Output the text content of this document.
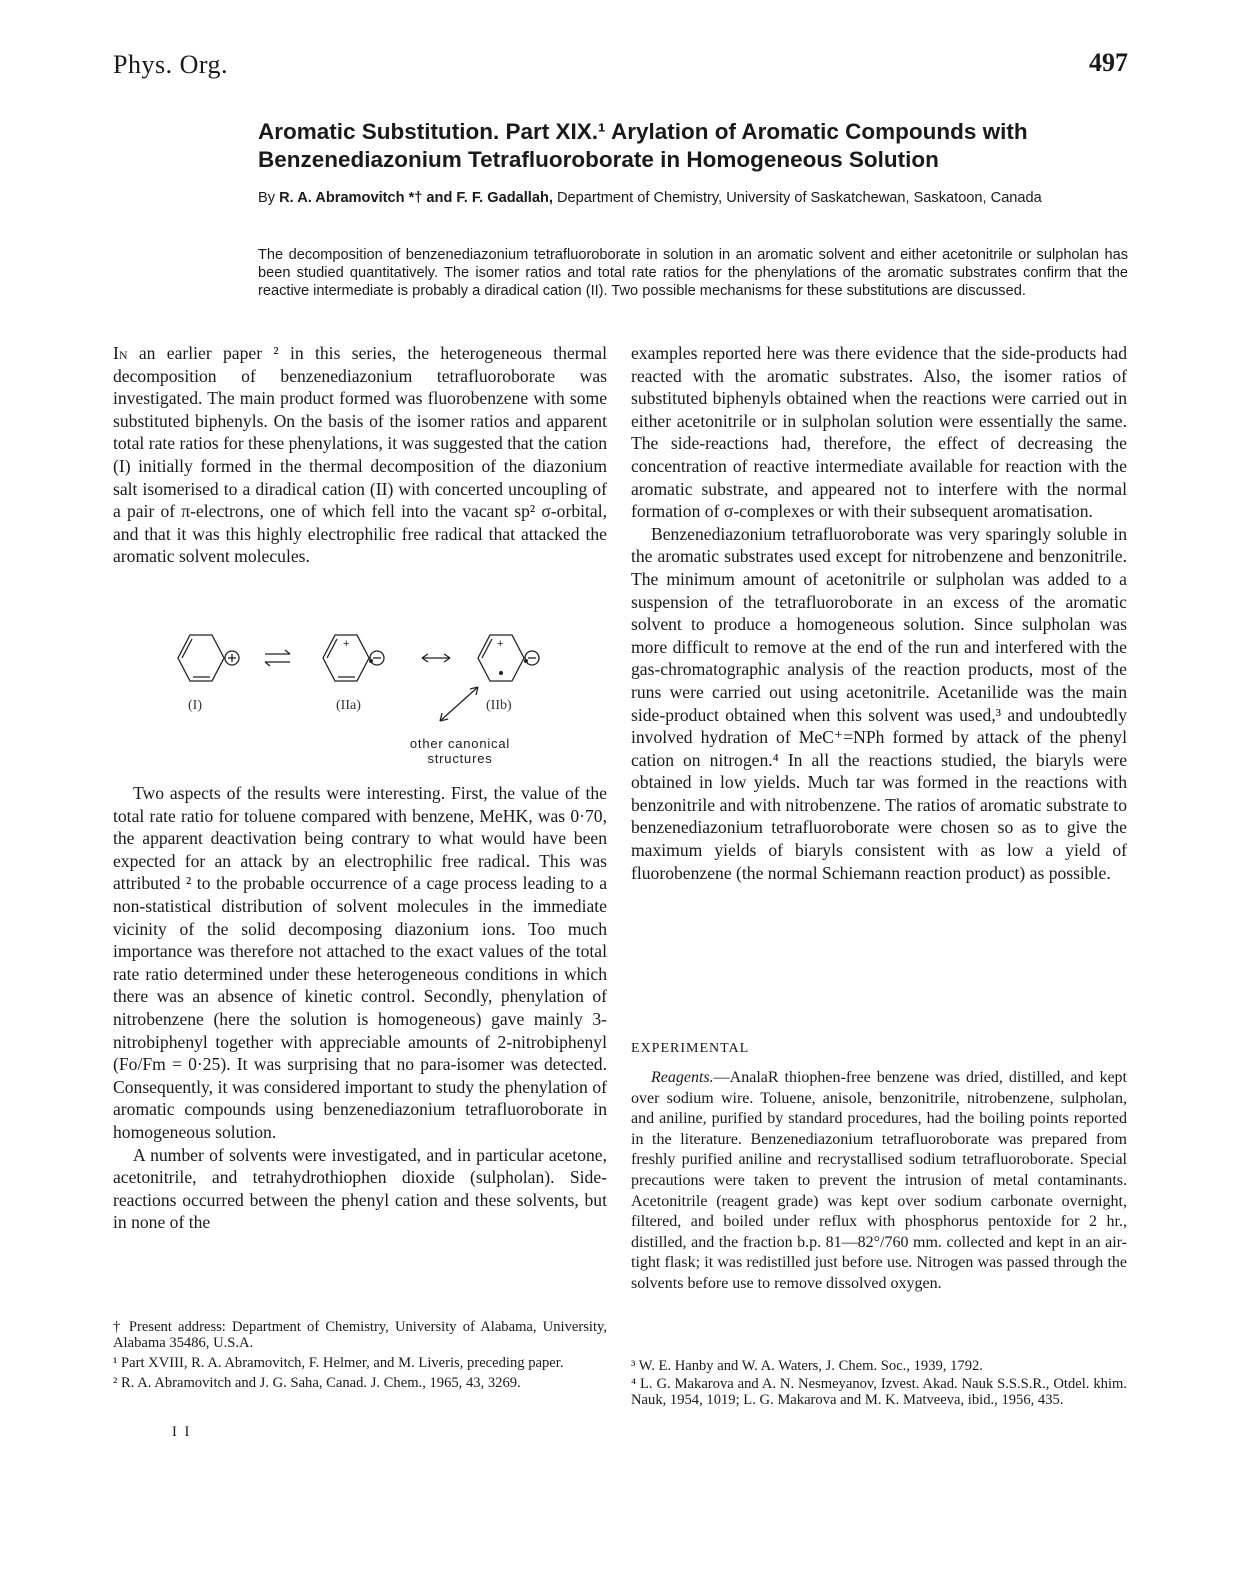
Phys. Org.	497
Aromatic Substitution. Part XIX.¹ Arylation of Aromatic Compounds with Benzenediazonium Tetrafluoroborate in Homogeneous Solution
By R. A. Abramovitch *† and F. F. Gadallah, Department of Chemistry, University of Saskatchewan, Saskatoon, Canada
The decomposition of benzenediazonium tetrafluoroborate in solution in an aromatic solvent and either acetonitrile or sulpholan has been studied quantitatively. The isomer ratios and total rate ratios for the phenylations of the aromatic substrates confirm that the reactive intermediate is probably a diradical cation (II). Two possible mechanisms for these substitutions are discussed.

In an earlier paper ² in this series, the heterogeneous thermal decomposition of benzenediazonium tetrafluoroborate was investigated. The main product formed was fluorobenzene with some substituted biphenyls. On the basis of the isomer ratios and apparent total rate ratios for these phenylations, it was suggested that the cation (I) initially formed in the thermal decomposition of the diazonium salt isomerised to a diradical cation (II) with concerted uncoupling of a pair of π-electrons, one of which fell into the vacant sp² σ-orbital, and that it was this highly electrophilic free radical that attacked the aromatic solvent molecules.

+	+
(I)	(IIa)	(IIb)
other canonical structures

Two aspects of the results were interesting. First, the value of the total rate ratio for toluene compared with benzene, MeHK, was 0·70, the apparent deactivation being contrary to what would have been expected for an attack by an electrophilic free radical. This was attributed ² to the probable occurrence of a cage process leading to a non-statistical distribution of solvent molecules in the immediate vicinity of the solid decomposing diazonium ions. Too much importance was therefore not attached to the exact values of the total rate ratio determined under these heterogeneous conditions in which there was an absence of kinetic control. Secondly, phenylation of nitrobenzene (here the solution is homogeneous) gave mainly 3-nitrobiphenyl together with appreciable amounts of 2-nitrobiphenyl (Fo/Fm = 0·25). It was surprising that no para-isomer was detected. Consequently, it was considered important to study the phenylation of aromatic compounds using benzenediazonium tetrafluoroborate in homogeneous solution.

A number of solvents were investigated, and in particular acetone, acetonitrile, and tetrahydrothiophen dioxide (sulpholan). Side-reactions occurred between the phenyl cation and these solvents, but in none of the

† Present address: Department of Chemistry, University of Alabama, University, Alabama 35486, U.S.A.

¹ Part XVIII, R. A. Abramovitch, F. Helmer, and M. Liveris, preceding paper.

² R. A. Abramovitch and J. G. Saha, Canad. J. Chem., 1965, 43, 3269.

I I

examples reported here was there evidence that the side-products had reacted with the aromatic substrates. Also, the isomer ratios of substituted biphenyls obtained when the reactions were carried out in either acetonitrile or in sulpholan solution were essentially the same. The side-reactions had, therefore, the effect of decreasing the concentration of reactive intermediate available for reaction with the aromatic substrate, and appeared not to interfere with the normal formation of σ-complexes or with their subsequent aromatisation.

Benzenediazonium tetrafluoroborate was very sparingly soluble in the aromatic substrates used except for nitrobenzene and benzonitrile. The minimum amount of acetonitrile or sulpholan was added to a suspension of the tetrafluoroborate in an excess of the aromatic solvent to produce a homogeneous solution. Since sulpholan was more difficult to remove at the end of the run and interfered with the gas-chromatographic analysis of the reaction products, most of the runs were carried out using acetonitrile. Acetanilide was the main side-product obtained when this solvent was used,³ and undoubtedly involved hydration of MeC⁺=NPh formed by attack of the phenyl cation on nitrogen.⁴ In all the reactions studied, the biaryls were obtained in low yields. Much tar was formed in the reactions with benzonitrile and with nitrobenzene. The ratios of aromatic substrate to benzenediazonium tetrafluoroborate were chosen so as to give the maximum yields of biaryls consistent with as low a yield of fluorobenzene (the normal Schiemann reaction product) as possible.

EXPERIMENTAL
Reagents.—AnalaR thiophen-free benzene was dried, distilled, and kept over sodium wire. Toluene, anisole, benzonitrile, nitrobenzene, sulpholan, and aniline, purified by standard procedures, had the boiling points reported in the literature. Benzenediazonium tetrafluoroborate was prepared from freshly purified aniline and recrystallised sodium tetrafluoroborate. Special precautions were taken to prevent the intrusion of metal contaminants. Acetonitrile (reagent grade) was kept over sodium carbonate overnight, filtered, and boiled under reflux with phosphorus pentoxide for 2 hr., distilled, and the fraction b.p. 81—82°/760 mm. collected and kept in an air-tight flask; it was redistilled just before use. Nitrogen was passed through the solvents before use to remove dissolved oxygen.

³ W. E. Hanby and W. A. Waters, J. Chem. Soc., 1939, 1792.

⁴ L. G. Makarova and A. N. Nesmeyanov, Izvest. Akad. Nauk S.S.S.R., Otdel. khim. Nauk, 1954, 1019; L. G. Makarova and M. K. Matveeva, ibid., 1956, 435.
